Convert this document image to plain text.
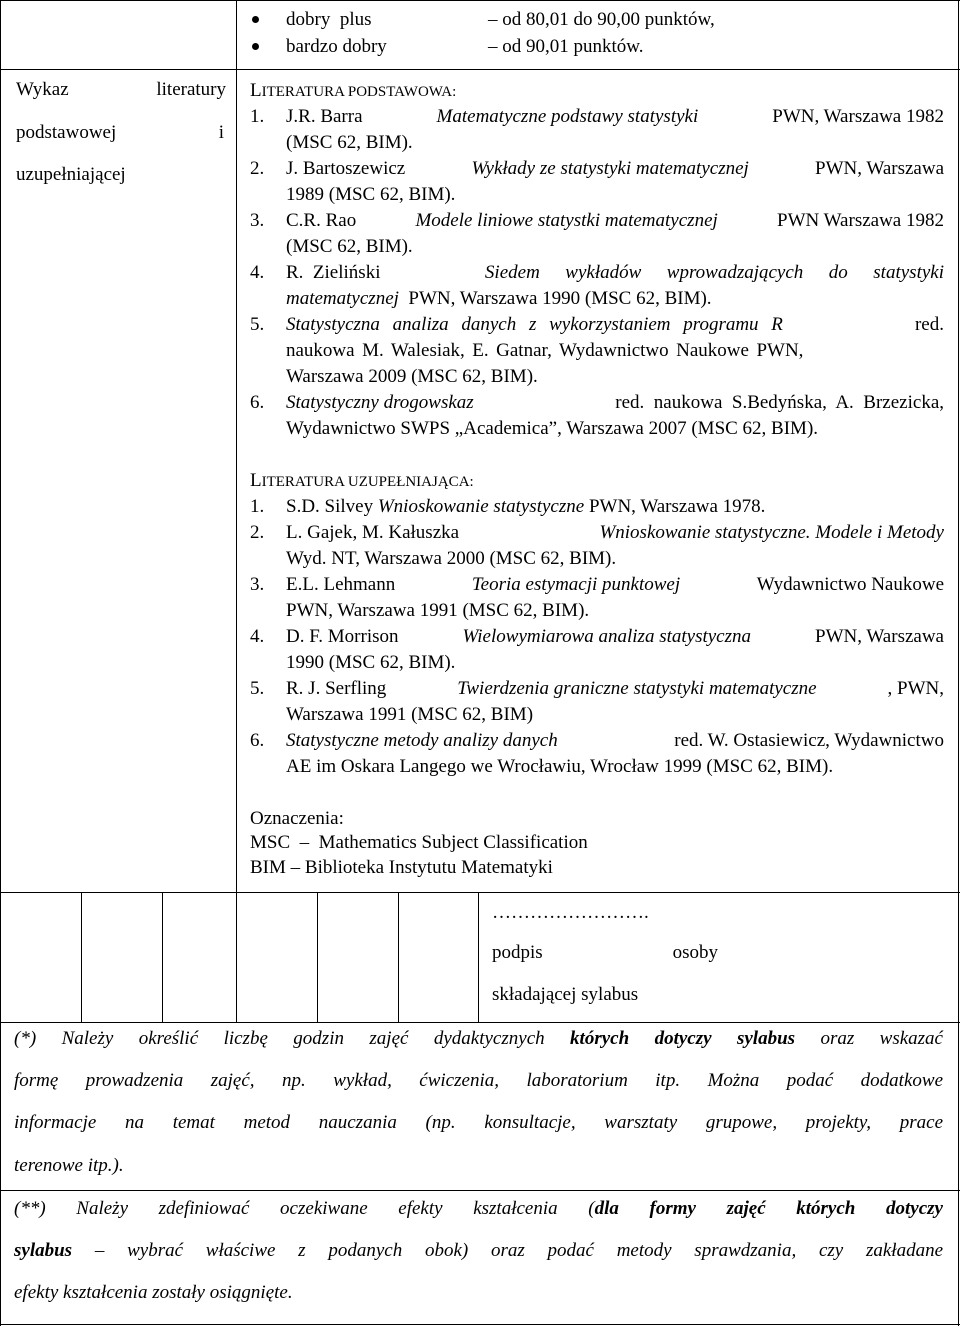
dobry  plus	– od 80,01 do 90,00 punktów,
bardzo dobry	– od 90,01 punktów.
Wykaz	literatury
podstawowej	i
uzupełniającej
LITERATURA PODSTAWOWA:
1. J.R. Barra	Matematyczne podstawy statystyki	PWN, Warszawa 1982
(MSC 62, BIM).
2. J. Bartoszewicz	Wykłady ze statystyki matematycznej	PWN, Warszawa
1989 (MSC 62, BIM).
3. C.R. Rao	Modele liniowe statystki matematycznej	PWN Warszawa 1982
(MSC 62, BIM).
4. R.  Zieliński	Siedem  wykładów  wprowadzających  do  statystyki
matematycznej PWN, Warszawa 1990 (MSC 62, BIM).
5. Statystyczna analiza danych z wykorzystaniem programu R	red.
naukowa  M.  Walesiak,  E.  Gatnar,  Wydawnictwo  Naukowe  PWN,
Warszawa 2009 (MSC 62, BIM).
6. Statystyczny drogowskaz	red.  naukowa  S.Bedyńska,  A.  Brzezicka,
Wydawnictwo SWPS „Academica”, Warszawa 2007 (MSC 62, BIM).
LITERATURA UZUPEŁNIAJĄCA:
1. S.D. Silvey Wnioskowanie statystyczne PWN, Warszawa 1978.
2. L. Gajek, M. Kałuszka	Wnioskowanie statystyczne. Modele i Metody
Wyd. NT, Warszawa 2000 (MSC 62, BIM).
3. E.L. Lehmann	Teoria estymacji punktowej	Wydawnictwo Naukowe
PWN, Warszawa 1991 (MSC 62, BIM).
4. D. F. Morrison	Wielowymiarowa analiza statystyczna	PWN, Warszawa
1990 (MSC 62, BIM).
5. R. J. Serfling	Twierdzenia graniczne statystyki matematyczne	, PWN,
Warszawa 1991 (MSC 62, BIM)
6. Statystyczne metody analizy danych	red. W. Ostasiewicz, Wydawnictwo
AE im Oskara Langego we Wrocławiu, Wrocław 1999 (MSC 62, BIM).
Oznaczenia:
MSC  –  Mathematics Subject Classification
BIM – Biblioteka Instytutu Matematyki
…………………….
podpis	osoby
składającej sylabus
(*) Należy określić liczbę godzin zajęć dydaktycznych których dotyczy sylabus oraz wskazać
formę prowadzenia zajęć, np. wykład, ćwiczenia, laboratorium itp. Można podać dodatkowe
informacje na temat metod nauczania (np. konsultacje, warsztaty grupowe, projekty, prace
terenowe itp.).
(**) Należy zdefiniować oczekiwane efekty kształcenia (dla formy zajęć których dotyczy
sylabus – wybrać właściwe z podanych obok) oraz podać metody sprawdzania, czy zakładane
efekty kształcenia zostały osiągnięte.
